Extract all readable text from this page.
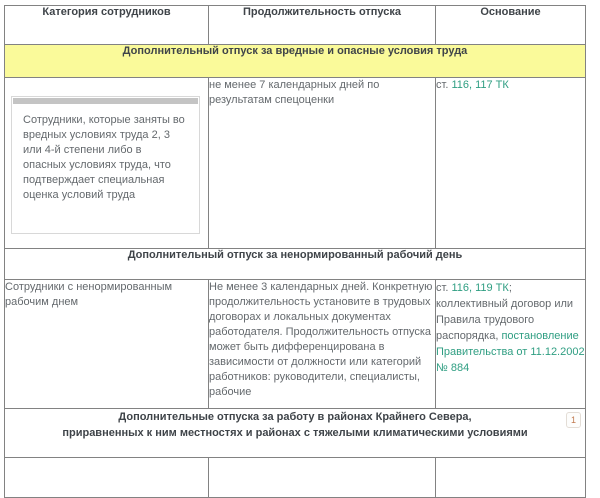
Категория сотрудников	Продолжительность отпуска	Основание
Дополнительный отпуск за вредные и опасные условия труда		

Сотрудники, которые заняты во вредных условиях труда 2, 3 или 4-й степени либо в опасных условиях труда, что подтверждает специальная оценка условий труда	не менее 7 календарных дней по результатам спецоценки	ст. 116, 117 ТК
Дополнительный отпуск за ненормированный рабочий день		
Сотрудники с ненормированным рабочим днем	Не менее 3 календарных дней. Конкретную продолжительность установите в трудовых договорах и локальных документах работодателя. Продолжительность отпуска может быть дифференцирована в зависимости от должности или категорий работников: руководители, специалисты, рабочие	ст. 116, 119 ТК; коллективный договор или Правила трудового распорядка, постановление Правительства от 11.12.2002 № 884

Дополнительные отпуска за работу в районах Крайнего Севера,
приравненных к ним местностях и районах с тяжелыми климатическими условиями
1		
